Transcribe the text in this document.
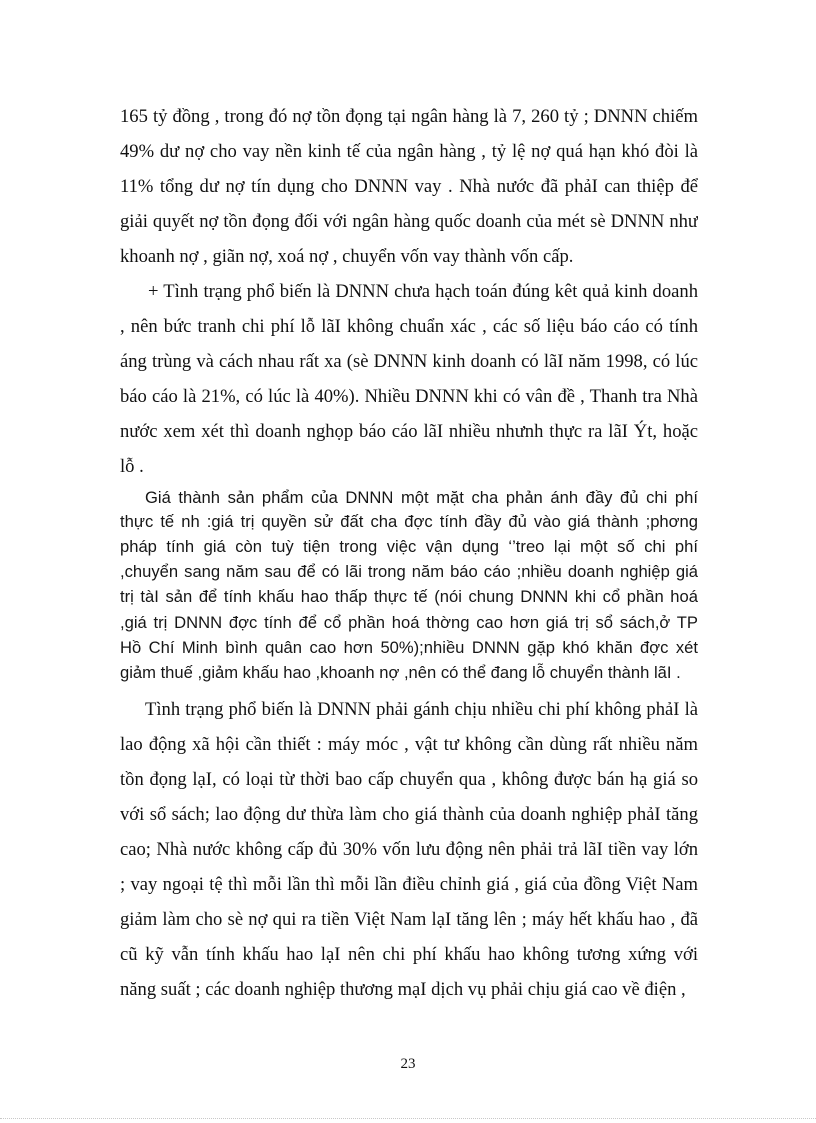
165 tỷ đồng , trong đó nợ tồn đọng tại ngân hàng là 7, 260 tỷ ; DNNN chiếm
49% dư nợ cho vay nền kinh tế của ngân hàng , tỷ lệ nợ quá hạn khó đòi là
11% tổng dư nợ tín dụng cho DNNN vay . Nhà nước đã phảI can thiệp để
giải quyết nợ tồn đọng đối với ngân hàng quốc doanh của mét sè DNNN như
khoanh nợ , giãn nợ, xoá nợ , chuyển vốn vay thành vốn cấp.
+ Tình trạng phổ biến là DNNN chưa hạch toán đúng kêt quả kinh doanh
, nên bức tranh chi phí lỗ lãI không chuẩn xác , các số liệu báo cáo có tính
áng trùng và cách nhau rất xa (sè DNNN kinh doanh có lãI năm 1998, có lúc
báo cáo là 21%, có lúc là 40%). Nhiều DNNN khi có vân đề , Thanh tra Nhà
nước xem xét thì doanh nghọp báo cáo lãI nhiều nhưnh thực ra lãI Ýt, hoặc
lỗ .
Giá thành sản phẩm của DNNN một mặt cha phản ánh đầy đủ chi phí
thực tế nh :giá trị quyền sử đất cha đợc tính đầy đủ vào giá thành ;phơng
pháp tính giá còn tuỳ tiện trong việc vận dụng ‘’treo lại một số chi phí
,chuyển sang năm sau để có lãi trong năm báo cáo ;nhiều doanh nghiệp giá
trị tàI sản để tính khấu hao thấp thực tế (nói chung DNNN khi cổ phần hoá
,giá trị DNNN đợc tính để cổ phần hoá thờng cao hơn giá trị sổ sách,ở TP
Hồ Chí Minh bình quân cao hơn 50%);nhiều DNNN gặp khó khăn đợc xét
giảm thuế ,giảm khấu hao ,khoanh nợ ,nên có thể đang lỗ chuyển thành lãI .
Tình trạng phổ biến là DNNN phải gánh chịu nhiều chi phí không phảI là
lao động xã hội cần thiết : máy móc , vật tư không cần dùng rất nhiều năm
tồn đọng lạI, có loại từ thời bao cấp chuyển qua , không được bán hạ giá so
với sổ sách; lao động dư thừa làm cho giá thành của doanh nghiệp phảI tăng
cao; Nhà nước không cấp đủ 30% vốn lưu động nên phải trả lãI tiền vay lớn
; vay ngoại tệ thì mỗi lần thì mỗi lần điều chỉnh giá , giá của đồng Việt Nam
giảm làm cho sè nợ qui ra tiền Việt Nam lạI tăng lên ; máy hết khấu hao , đã
cũ kỹ vẫn tính khấu hao lạI nên chi phí khấu hao không tương xứng với
năng suất ; các doanh nghiệp thương mạI dịch vụ phải chịu giá cao về điện ,
23
